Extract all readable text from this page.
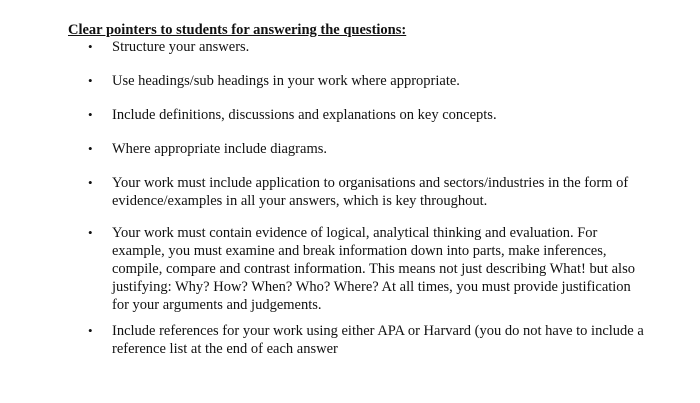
Clear pointers to students for answering the questions:
•	Structure your answers.
•	Use headings/sub headings in your work where appropriate.
•	Include definitions, discussions and explanations on key concepts.
•	Where appropriate include diagrams.
•	Your work must include application to organisations and sectors/industries in the form of evidence/examples in all your answers, which is key throughout.
•	Your work must contain evidence of logical, analytical thinking and evaluation. For example, you must examine and break information down into parts, make inferences, compile, compare and contrast information. This means not just describing What! but also justifying: Why? How? When? Who? Where? At all times, you must provide justification for your arguments and judgements.
•	Include references for your work using either APA or Harvard (you do not have to include a reference list at the end of each answer
